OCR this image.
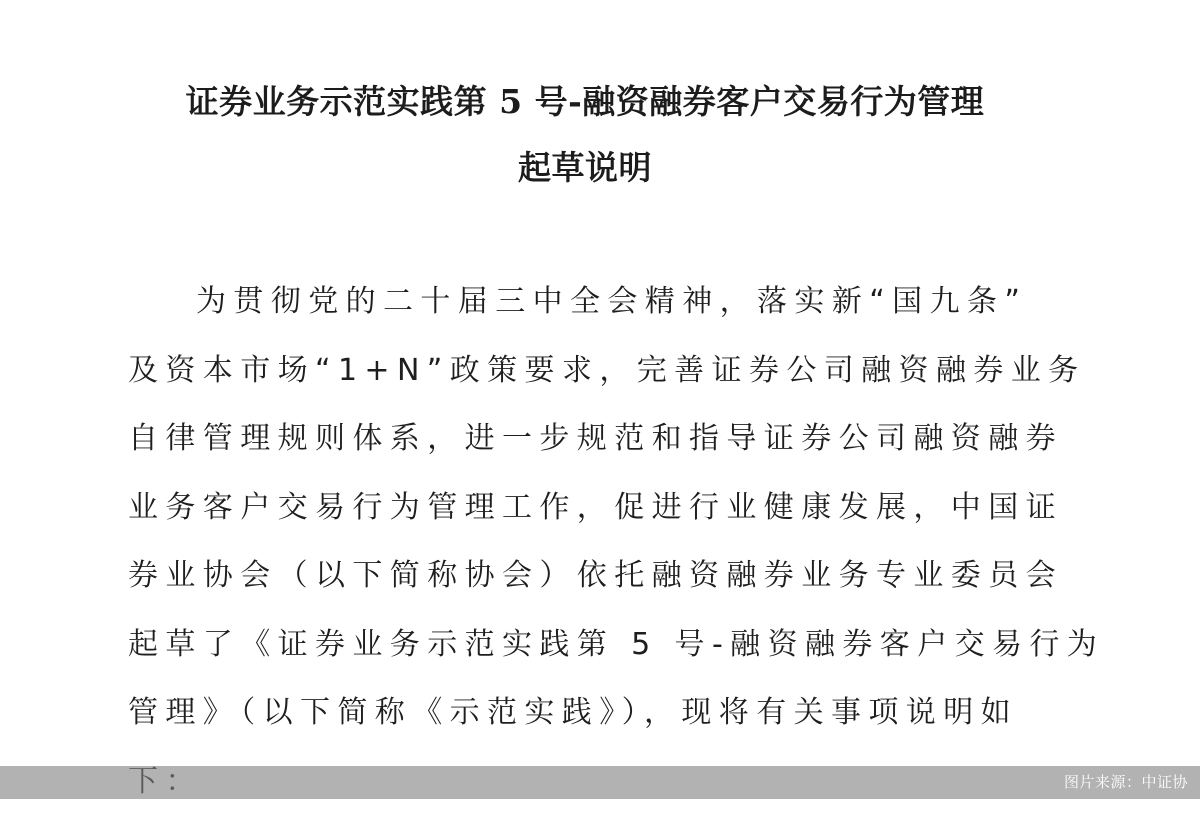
证券业务示范实践第 5 号-融资融券客户交易行为管理
起草说明
为贯彻党的二十届三中全会精神，落实新“国九条”
及资本市场“1+N”政策要求，完善证券公司融资融券业务
自律管理规则体系，进一步规范和指导证券公司融资融券
业务客户交易行为管理工作，促进行业健康发展，中国证
券业协会（以下简称协会）依托融资融券业务专业委员会
起草了《证券业务示范实践第 5 号-融资融券客户交易行为
管理》（以下简称《示范实践》），现将有关事项说明如
图片来源：中证协
